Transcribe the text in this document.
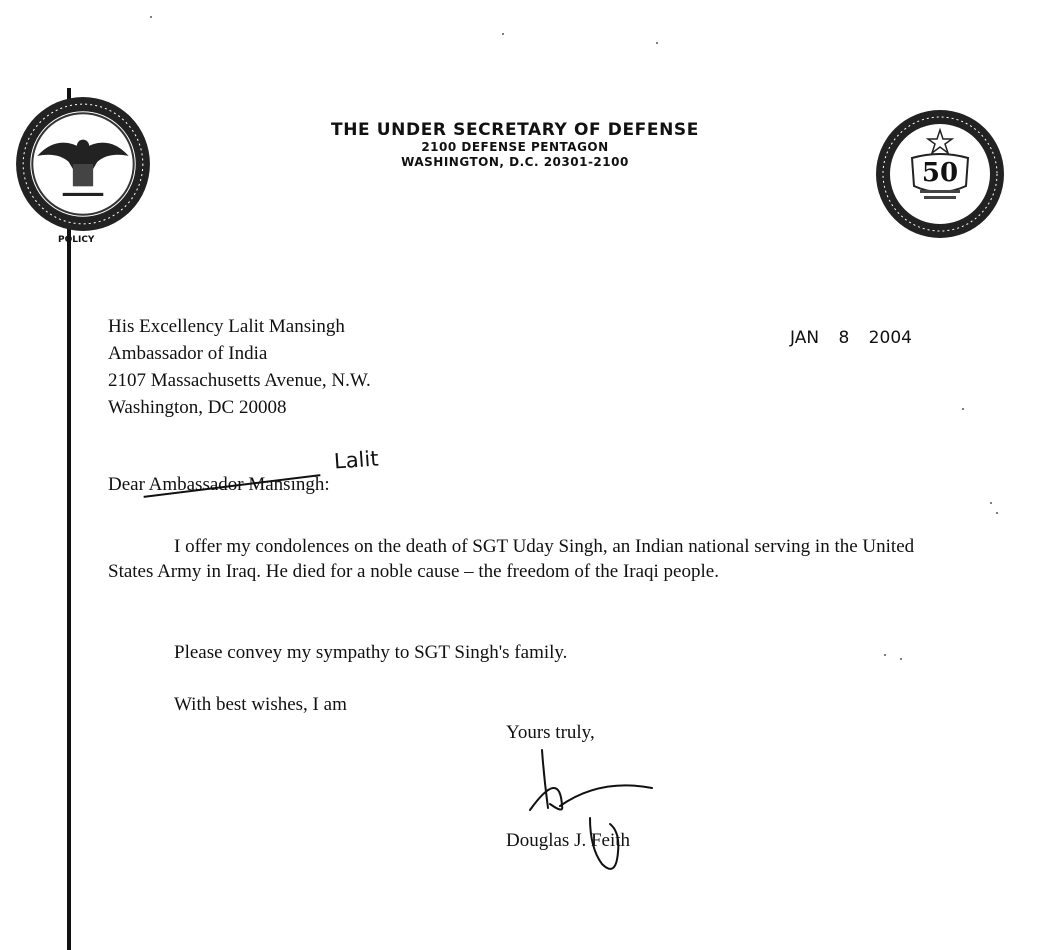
POLICY
THE UNDER SECRETARY OF DEFENSE
2100 DEFENSE PENTAGON
WASHINGTON, D.C. 20301-2100	50
His Excellency Lalit Mansingh
Ambassador of India
2107 Massachusetts Avenue, N.W.
Washington, DC 20008
JAN 8 2004
Lalit
Dear Ambassador Mansingh:
I offer my condolences on the death of SGT Uday Singh, an Indian national serving in the United States Army in Iraq. He died for a noble cause – the freedom of the Iraqi people.
Please convey my sympathy to SGT Singh's family.
With best wishes, I am
Yours truly,
Douglas J. Feith
